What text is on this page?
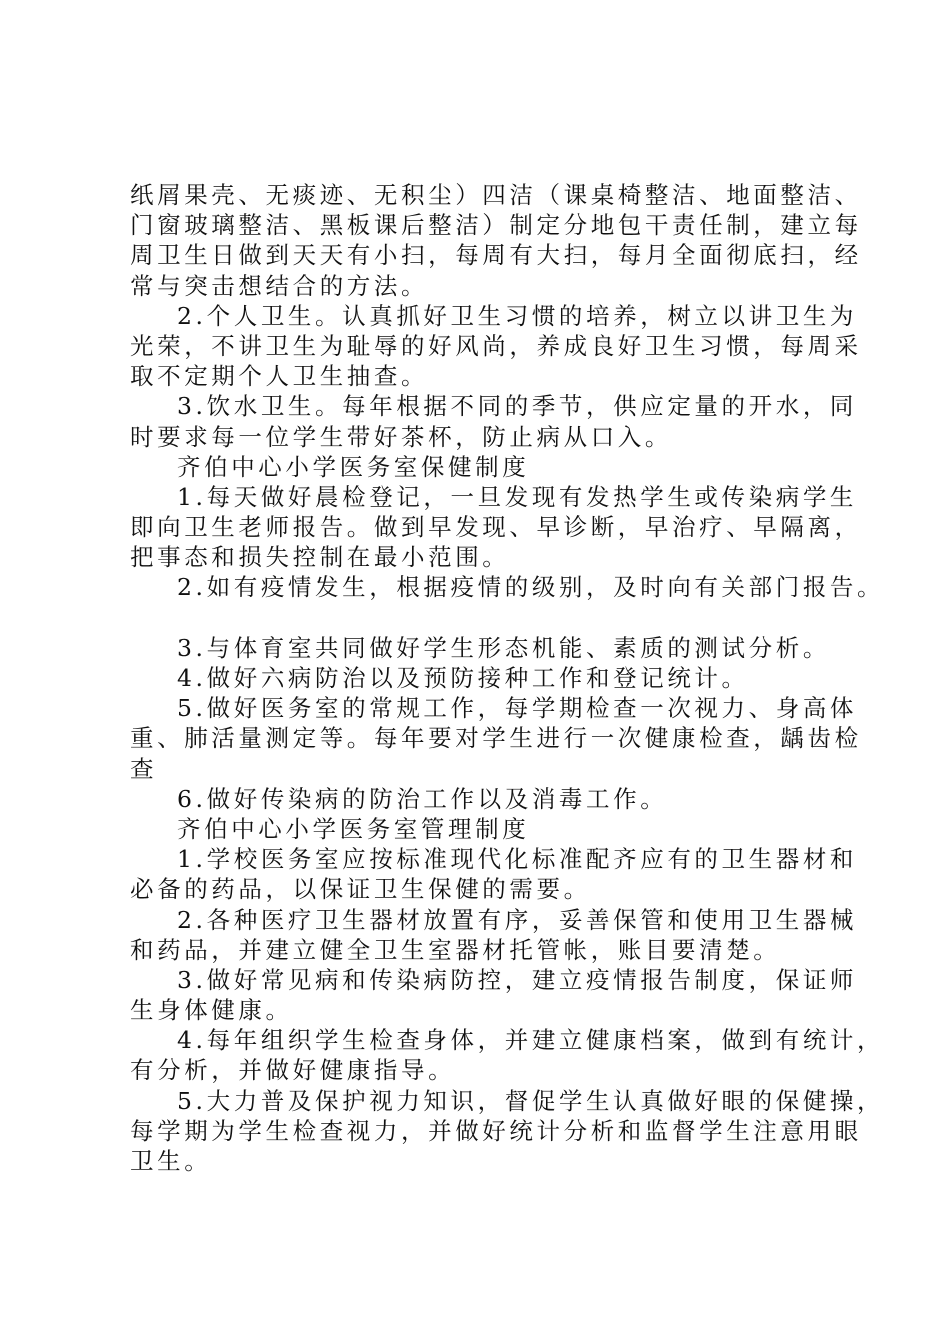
纸屑果壳、无痰迹、无积尘）四洁（课桌椅整洁、地面整洁、
门窗玻璃整洁、黑板课后整洁）制定分地包干责任制，建立每
周卫生日做到天天有小扫，每周有大扫，每月全面彻底扫，经
常与突击想结合的方法。
2.个人卫生。认真抓好卫生习惯的培养，树立以讲卫生为
光荣，不讲卫生为耻辱的好风尚，养成良好卫生习惯，每周采
取不定期个人卫生抽查。
3.饮水卫生。每年根据不同的季节，供应定量的开水，同
时要求每一位学生带好茶杯，防止病从口入。
齐伯中心小学医务室保健制度
1.每天做好晨检登记，一旦发现有发热学生或传染病学生
即向卫生老师报告。做到早发现、早诊断，早治疗、早隔离，
把事态和损失控制在最小范围。
2.如有疫情发生，根据疫情的级别，及时向有关部门报告。
3.与体育室共同做好学生形态机能、素质的测试分析。
4.做好六病防治以及预防接种工作和登记统计。
5.做好医务室的常规工作，每学期检查一次视力、身高体
重、肺活量测定等。每年要对学生进行一次健康检查，龋齿检
查
6.做好传染病的防治工作以及消毒工作。
齐伯中心小学医务室管理制度
1.学校医务室应按标准现代化标准配齐应有的卫生器材和
必备的药品，以保证卫生保健的需要。
2.各种医疗卫生器材放置有序，妥善保管和使用卫生器械
和药品，并建立健全卫生室器材托管帐，账目要清楚。
3.做好常见病和传染病防控，建立疫情报告制度，保证师
生身体健康。
4.每年组织学生检查身体，并建立健康档案，做到有统计，
有分析，并做好健康指导。
5.大力普及保护视力知识，督促学生认真做好眼的保健操，
每学期为学生检查视力，并做好统计分析和监督学生注意用眼
卫生。
